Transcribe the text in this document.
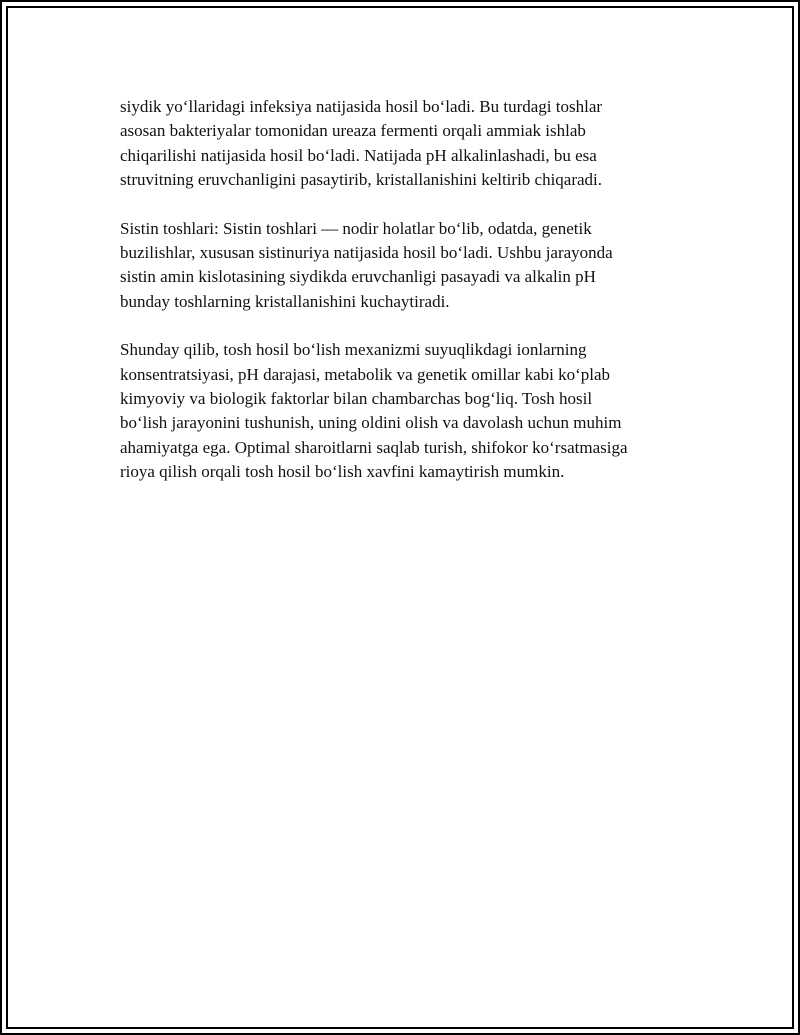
siydik yo‘llaridagi infeksiya natijasida hosil bo‘ladi. Bu turdagi toshlar
asosan bakteriyalar tomonidan ureaza fermenti orqali ammiak ishlab
chiqarilishi natijasida hosil bo‘ladi. Natijada pH alkalinlashadi, bu esa
struvitning eruvchanligini pasaytirib, kristallanishini keltirib chiqaradi.

Sistin toshlari: Sistin toshlari — nodir holatlar bo‘lib, odatda, genetik
buzilishlar, xususan sistinuriya natijasida hosil bo‘ladi. Ushbu jarayonda
sistin amin kislotasining siydikda eruvchanligi pasayadi va alkalin pH
bunday toshlarning kristallanishini kuchaytiradi.

Shunday qilib, tosh hosil bo‘lish mexanizmi suyuqlikdagi ionlarning
konsentratsiyasi, pH darajasi, metabolik va genetik omillar kabi ko‘plab
kimyoviy va biologik faktorlar bilan chambarchas bog‘liq. Tosh hosil
bo‘lish jarayonini tushunish, uning oldini olish va davolash uchun muhim
ahamiyatga ega. Optimal sharoitlarni saqlab turish, shifokor ko‘rsatmasiga
rioya qilish orqali tosh hosil bo‘lish xavfini kamaytirish mumkin.
